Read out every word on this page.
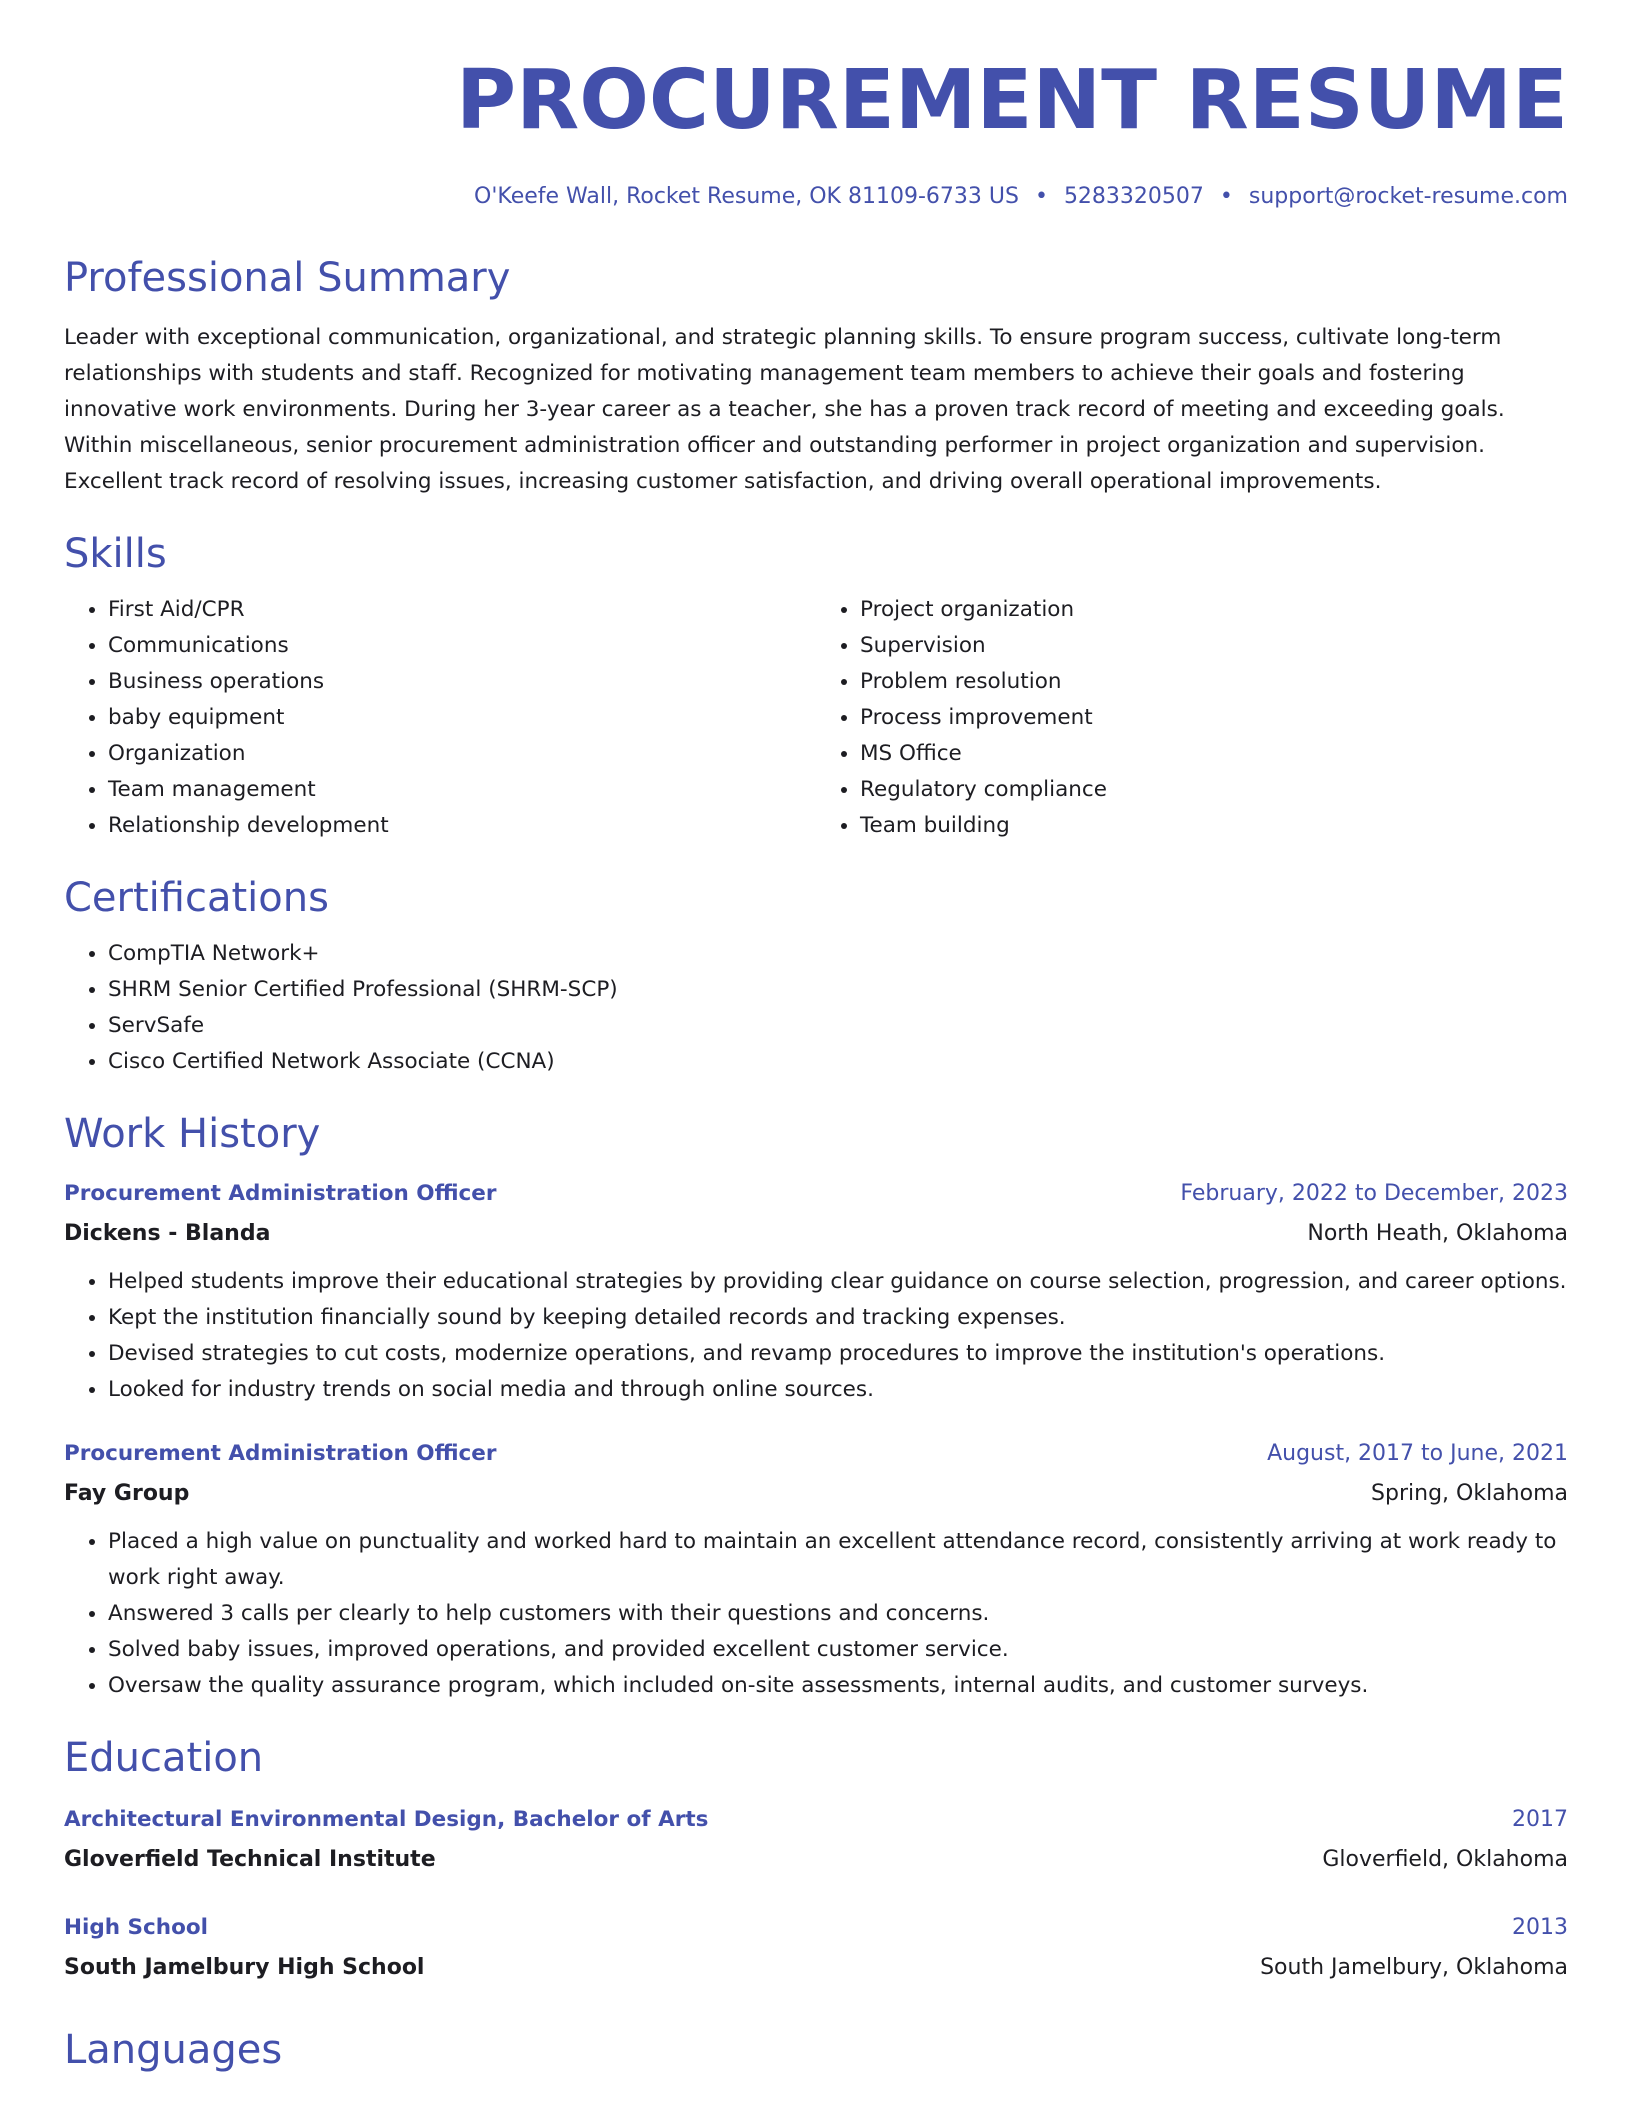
PROCUREMENT RESUME
O'Keefe Wall, Rocket Resume, OK 81109-6733 US • 5283320507 • support@rocket-resume.com
Professional Summary

Leader with exceptional communication, organizational, and strategic planning skills. To ensure program success, cultivate long-term relationships with students and staff. Recognized for motivating management team members to achieve their goals and fostering innovative work environments. During her 3-year career as a teacher, she has a proven track record of meeting and exceeding goals. Within miscellaneous, senior procurement administration officer and outstanding performer in project organization and supervision. Excellent track record of resolving issues, increasing customer satisfaction, and driving overall operational improvements.

Skills
• First Aid/CPR
• Communications
• Business operations
• baby equipment
• Organization
• Team management
• Relationship development
• Project organization
• Supervision
• Problem resolution
• Process improvement
• MS Office
• Regulatory compliance
• Team building
Certifications
• CompTIA Network+
• SHRM Senior Certified Professional (SHRM-SCP)
• ServSafe
• Cisco Certified Network Associate (CCNA)
Work History
Procurement Administration Officer	February, 2022 to December, 2023
Dickens - Blanda	North Heath, Oklahoma
• Helped students improve their educational strategies by providing clear guidance on course selection, progression, and career options.
• Kept the institution financially sound by keeping detailed records and tracking expenses.
• Devised strategies to cut costs, modernize operations, and revamp procedures to improve the institution's operations.
• Looked for industry trends on social media and through online sources.
Procurement Administration Officer	August, 2017 to June, 2021
Fay Group	Spring, Oklahoma
• Placed a high value on punctuality and worked hard to maintain an excellent attendance record, consistently arriving at work ready to work right away.
• Answered 3 calls per clearly to help customers with their questions and concerns.
• Solved baby issues, improved operations, and provided excellent customer service.
• Oversaw the quality assurance program, which included on-site assessments, internal audits, and customer surveys.
Education
Architectural Environmental Design, Bachelor of Arts	2017
Gloverfield Technical Institute	Gloverfield, Oklahoma
High School	2013
South Jamelbury High School	South Jamelbury, Oklahoma
Languages
